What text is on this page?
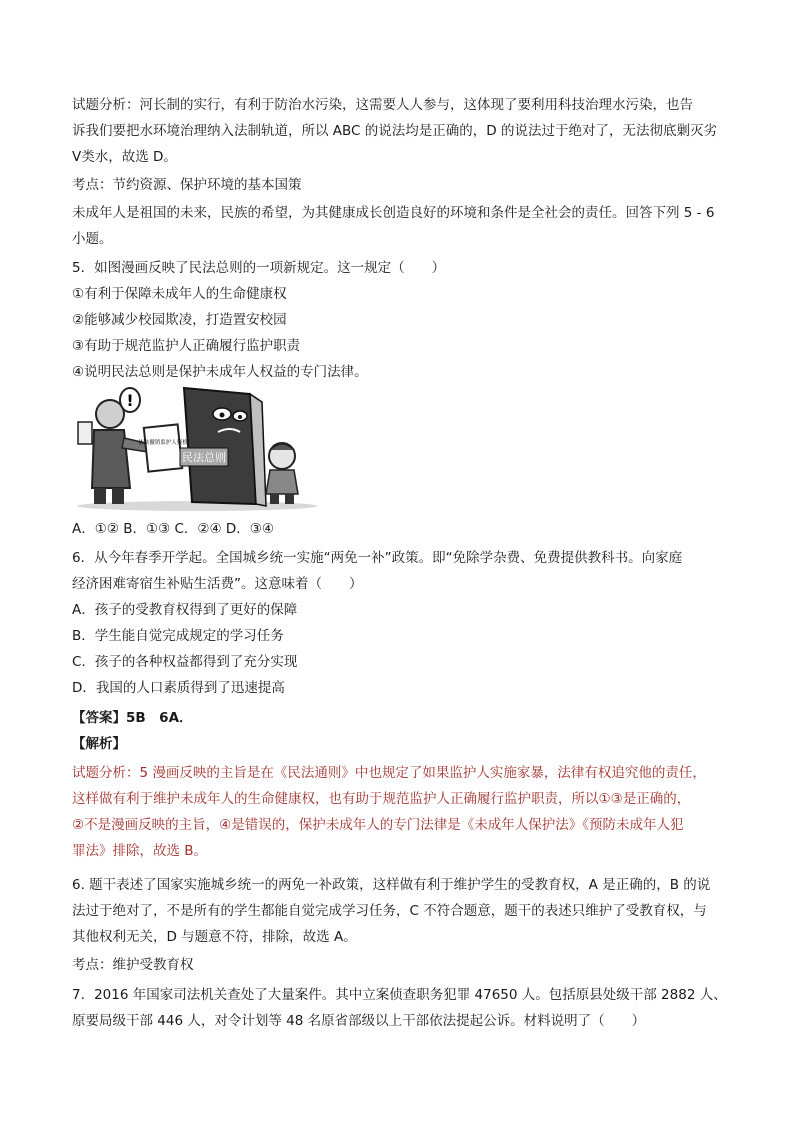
试题分析：河长制的实行，有利于防治水污染，这需要人人参与，这体现了要利用科技治理水污染，也告
诉我们要把水环境治理纳入法制轨道，所以 ABC 的说法均是正确的，D 的说法过于绝对了，无法彻底剿灭劣
V类水，故选 D。
考点：节约资源、保护环境的基本国策
未成年人是祖国的未来，民族的希望，为其健康成长创造良好的环境和条件是全社会的责任。回答下列 5 - 6
小题。
5．如图漫画反映了民法总则的一项新规定。这一规定（　　）
①有利于保障未成年人的生命健康权
②能够减少校园欺凌，打造置安校园
③有助于规范监护人正确履行监护职责
④说明民法总则是保护未成年人权益的专门法律。
!
依法撤销监护人资格
民法总则
A．①② B．①③ C．②④ D．③④
6．从今年春季开学起。全国城乡统一实施“两免一补”政策。即“免除学杂费、免费提供教科书。向家庭
经济困难寄宿生补贴生活费”。这意味着（　　）
A．孩子的受教育权得到了更好的保障
B．学生能自觉完成规定的学习任务
C．孩子的各种权益都得到了充分实现
D．我国的人口素质得到了迅速提高
【答案】5B　6A．
【解析】
试题分析：5 漫画反映的主旨是在《民法通则》中也规定了如果监护人实施家暴，法律有权追究他的责任，
这样做有利于维护未成年人的生命健康权，也有助于规范监护人正确履行监护职责，所以①③是正确的，
②不是漫画反映的主旨，④是错误的，保护未成年人的专门法律是《未成年人保护法》《预防未成年人犯
罪法》排除，故选 B。
6. 题干表述了国家实施城乡统一的两免一补政策，这样做有利于维护学生的受教育权，A 是正确的，B 的说
法过于绝对了，不是所有的学生都能自觉完成学习任务，C 不符合题意，题干的表述只维护了受教育权，与
其他权利无关，D 与题意不符，排除，故选 A。
考点：维护受教育权
7．2016 年国家司法机关查处了大量案件。其中立案侦查职务犯罪 47650 人。包括原县处级干部 2882 人、
原要局级干部 446 人，对令计划等 48 名原省部级以上干部依法提起公诉。材料说明了（　　）
